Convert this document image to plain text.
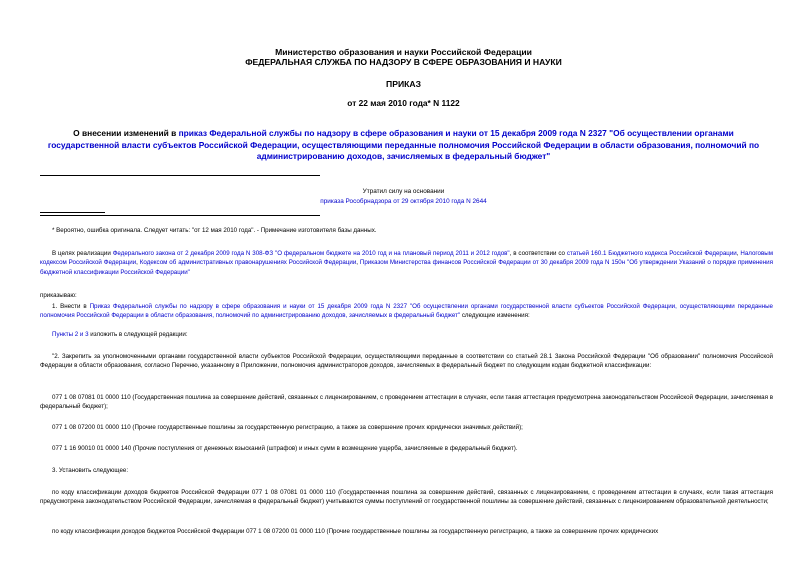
Министерство образования и науки Российской Федерации
ФЕДЕРАЛЬНАЯ СЛУЖБА ПО НАДЗОРУ В СФЕРЕ ОБРАЗОВАНИЯ И НАУКИ
ПРИКАЗ
от 22 мая 2010 года* N 1122
О внесении изменений в приказ Федеральной службы по надзору в сфере образования и науки от 15 декабря 2009 года N 2327 "Об осуществлении органами государственной власти субъектов Российской Федерации, осуществляющими переданные полномочия Российской Федерации в области образования, полномочий по администрированию доходов, зачисляемых в федеральный бюджет"
Утратил силу на основании
приказа Рособрнадзора от 29 октября 2010 года N 2644
* Вероятно, ошибка оригинала. Следует читать: "от 12 мая 2010 года". - Примечание изготовителя базы данных.
В целях реализации Федерального закона от 2 декабря 2009 года N 308-ФЗ "О федеральном бюджете на 2010 год и на плановый период 2011 и 2012 годов", в соответствии со статьей 160.1 Бюджетного кодекса Российской Федерации, Налоговым кодексом Российской Федерации, Кодексом об административных правонарушениях Российской Федерации, Приказом Министерства финансов Российской Федерации от 30 декабря 2009 года N 150н "Об утверждении Указаний о порядке применения бюджетной классификации Российской Федерации"
приказываю:
1. Внести в Приказ Федеральной службы по надзору в сфере образования и науки от 15 декабря 2009 года N 2327 "Об осуществлении органами государственной власти субъектов Российской Федерации, осуществляющими переданные полномочия Российской Федерации в области образования, полномочий по администрированию доходов, зачисляемых в федеральный бюджет" следующие изменения:
Пункты 2 и 3 изложить в следующей редакции:
"2. Закрепить за уполномоченными органами государственной власти субъектов Российской Федерации, осуществляющими переданные в соответствии со статьей 28.1 Закона Российской Федерации "Об образовании" полномочия Российской Федерации в области образования, согласно Перечню, указанному в Приложении, полномочия администраторов доходов, зачисляемых в федеральный бюджет по следующим кодам бюджетной классификации:
077 1 08 07081 01 0000 110 (Государственная пошлина за совершение действий, связанных с лицензированием, с проведением аттестации в случаях, если такая аттестация предусмотрена законодательством Российской Федерации, зачисляемая в федеральный бюджет);
077 1 08 07200 01 0000 110 (Прочие государственные пошлины за государственную регистрацию, а также за совершение прочих юридически значимых действий);
077 1 16 90010 01 0000 140 (Прочие поступления от денежных взысканий (штрафов) и иных сумм в возмещение ущерба, зачисляемые в федеральный бюджет).
3. Установить следующее:
по коду классификации доходов бюджетов Российской Федерации 077 1 08 07081 01 0000 110 (Государственная пошлина за совершение действий, связанных с лицензированием, с проведением аттестации в случаях, если такая аттестация предусмотрена законодательством Российской Федерации, зачисляемая в федеральный бюджет) учитываются суммы поступлений от государственной пошлины за совершение действий, связанных с лицензированием образовательной деятельности;
по коду классификации доходов бюджетов Российской Федерации 077 1 08 07200 01 0000 110 (Прочие государственные пошлины за государственную регистрацию, а также за совершение прочих юридических
